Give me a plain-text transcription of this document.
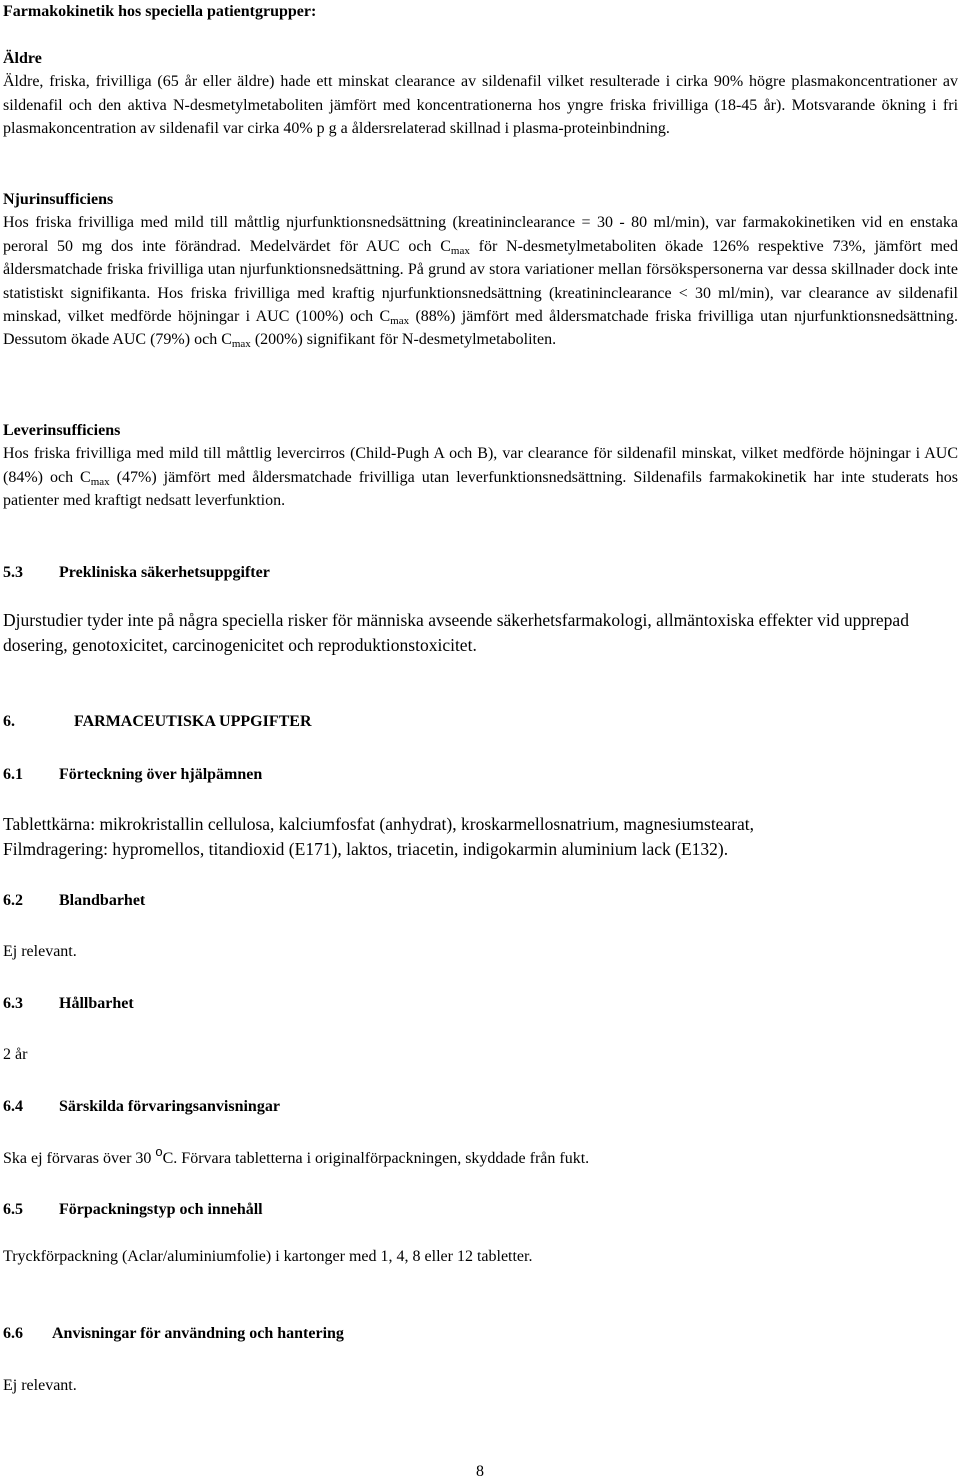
Farmakokinetik hos speciella patientgrupper:

Äldre
Äldre, friska, frivilliga (65 år eller äldre) hade ett minskat clearance av sildenafil vilket resulterade i cirka 90% högre plasmakoncentrationer av sildenafil och den aktiva N-desmetylmetaboliten jämfört med koncentrationerna hos yngre friska frivilliga (18-45 år). Motsvarande ökning i fri plasmakoncentration av sildenafil var cirka 40% p g a åldersrelaterad skillnad i plasma-proteinbindning.
Njurinsufficiens
Hos friska frivilliga med mild till måttlig njurfunktionsnedsättning (kreatininclearance = 30 - 80 ml/min), var farmakokinetiken vid en enstaka peroral 50 mg dos inte förändrad. Medelvärdet för AUC och $C_{max}$ för N-desmetylmetaboliten ökade 126% respektive 73%, jämfört med åldersmatchade friska frivilliga utan njurfunktionsnedsättning. På grund av stora variationer mellan försökspersonerna var dessa skillnader dock inte statistiskt signifikanta. Hos friska frivilliga med kraftig njurfunktionsnedsättning (kreatininclearance < 30 ml/min), var clearance av sildenafil minskad, vilket medförde höjningar i AUC (100%) och $C_{max}$ (88%) jämfört med åldersmatchade friska frivilliga utan njurfunktionsnedsättning. Dessutom ökade AUC (79%) och $C_{max}$ (200%) signifikant för N-desmetylmetaboliten.
Leverinsufficiens
Hos friska frivilliga med mild till måttlig levercirros (Child-Pugh A och B), var clearance för sildenafil minskat, vilket medförde höjningar i AUC (84%) och $C_{max}$ (47%) jämfört med åldersmatchade frivilliga utan leverfunktionsnedsättning. Sildenafils farmakokinetik har inte studerats hos patienter med kraftigt nedsatt leverfunktion.

5.3 Prekliniska säkerhetsuppgifter

Djurstudier tyder inte på några speciella risker för människa avseende säkerhetsfarmakologi, allmäntoxiska effekter vid upprepad dosering, genotoxicitet, carcinogenicitet och reproduktionstoxicitet.

6.	FARMACEUTISKA UPPGIFTER

6.1 Förteckning över hjälpämnen

Tablettkärna: mikrokristallin cellulosa, kalciumfosfat (anhydrat), kroskarmellosnatrium, magnesiumstearat,
Filmdragering: hypromellos, titandioxid (E171), laktos, triacetin, indigokarmin aluminium lack (E132).

6.2 Blandbarhet

Ej relevant.

6.3 Hållbarhet

2 år

6.4 Särskilda förvaringsanvisningar

Ska ej förvaras över 30 $^o$C. Förvara tabletterna i originalförpackningen, skyddade från fukt.

6.5 Förpackningstyp och innehåll

Tryckförpackning (Aclar/aluminiumfolie) i kartonger med 1, 4, 8 eller 12 tabletter.

6.6 Anvisningar för användning och hantering

Ej relevant.

8
